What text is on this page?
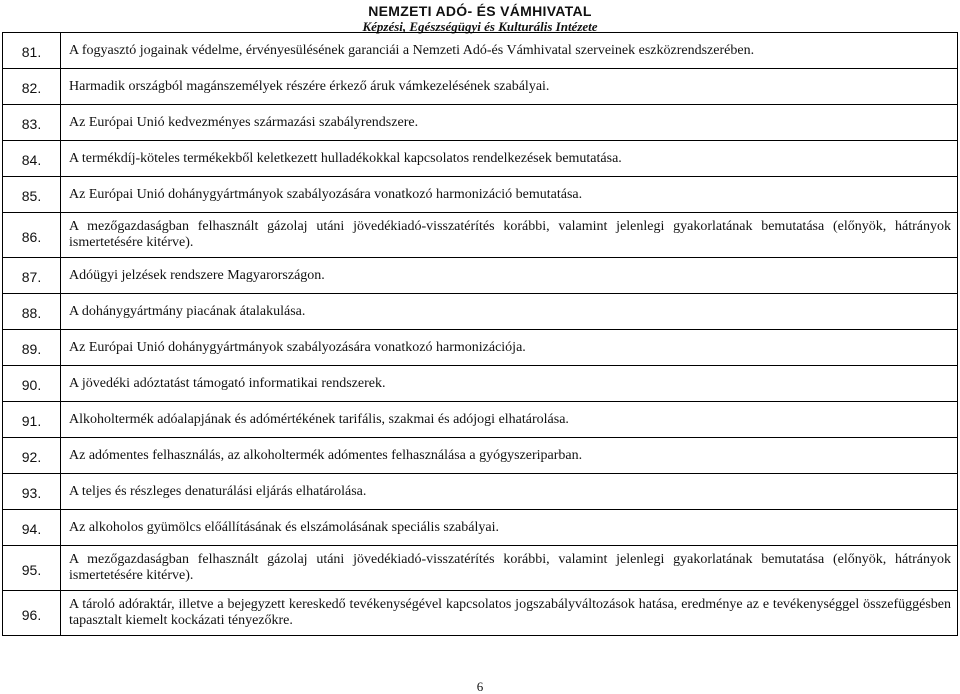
NEMZETI ADÓ- ÉS VÁMHIVATAL
Képzési, Egészségügyi és Kulturális Intézete
81.	A fogyasztó jogainak védelme, érvényesülésének garanciái a Nemzeti Adó-és Vámhivatal szerveinek eszközrendszerében.
82.	Harmadik országból magánszemélyek részére érkező áruk vámkezelésének szabályai.
83.	Az Európai Unió kedvezményes származási szabályrendszere.
84.	A termékdíj-köteles termékekből keletkezett hulladékokkal kapcsolatos rendelkezések bemutatása.
85.	Az Európai Unió dohánygyártmányok szabályozására vonatkozó harmonizáció bemutatása.
86.	A mezőgazdaságban felhasznált gázolaj utáni jövedékiadó-visszatérítés korábbi, valamint jelenlegi gyakorlatának bemutatása (előnyök, hátrányok ismertetésére kitérve).
87.	Adóügyi jelzések rendszere Magyarországon.
88.	A dohánygyártmány piacának átalakulása.
89.	Az Európai Unió dohánygyártmányok szabályozására vonatkozó harmonizációja.
90.	A jövedéki adóztatást támogató informatikai rendszerek.
91.	Alkoholtermék adóalapjának és adómértékének tarifális, szakmai és adójogi elhatárolása.
92.	Az adómentes felhasználás, az alkoholtermék adómentes felhasználása a gyógyszeriparban.
93.	A teljes és részleges denaturálási eljárás elhatárolása.
94.	Az alkoholos gyümölcs előállításának és elszámolásának speciális szabályai.
95.	A mezőgazdaságban felhasznált gázolaj utáni jövedékiadó-visszatérítés korábbi, valamint jelenlegi gyakorlatának bemutatása (előnyök, hátrányok ismertetésére kitérve).
96.	A tároló adóraktár, illetve a bejegyzett kereskedő tevékenységével kapcsolatos jogszabályváltozások hatása, eredménye az e tevékenységgel összefüggésben tapasztalt kiemelt kockázati tényezőkre.
6
